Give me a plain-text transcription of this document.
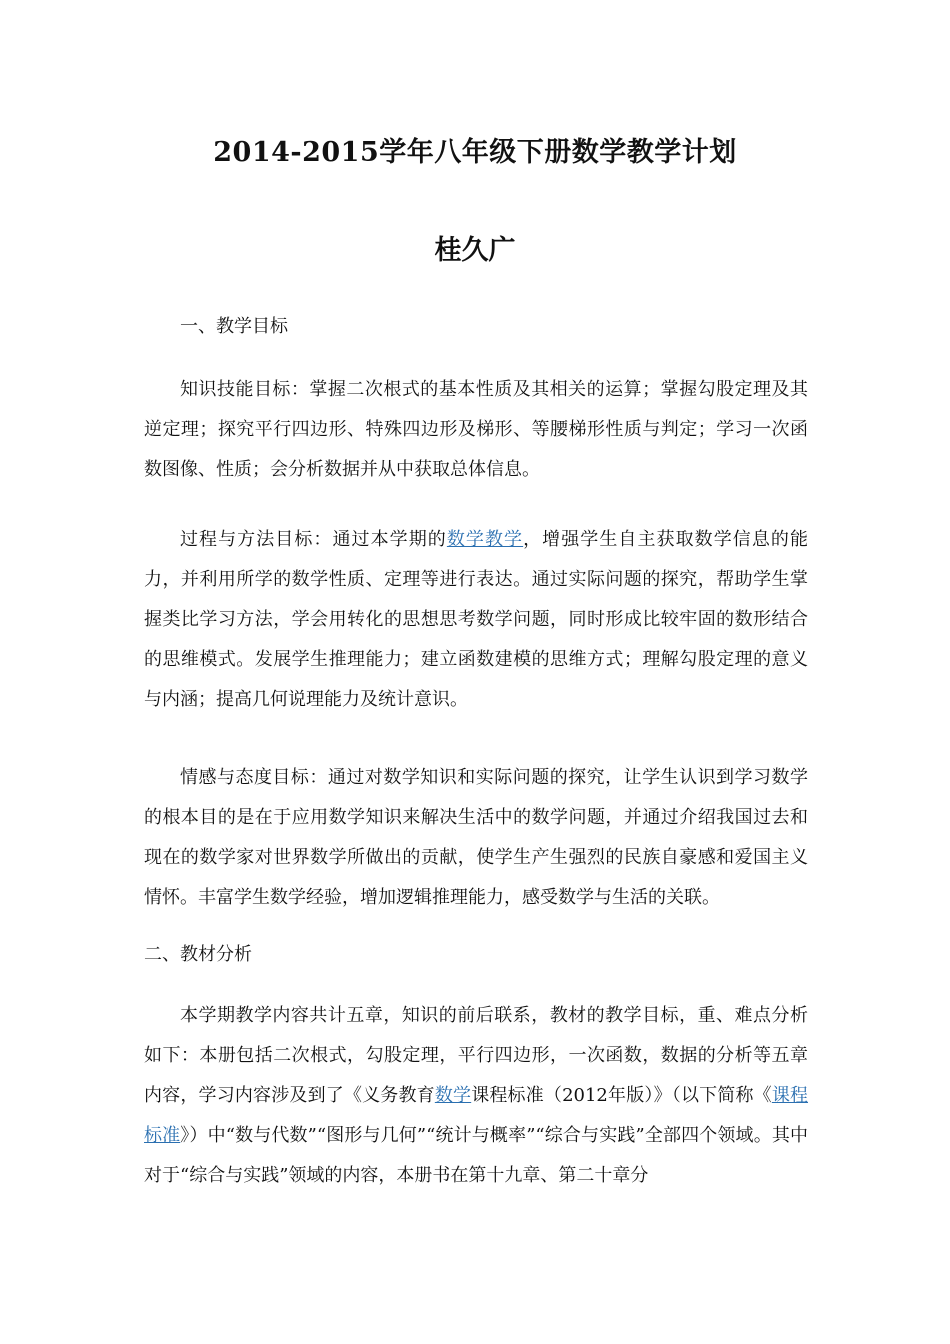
2014-2015学年八年级下册数学教学计划
桂久广
一、教学目标
知识技能目标：掌握二次根式的基本性质及其相关的运算；掌握勾股定理及其逆定理；探究平行四边形、特殊四边形及梯形、等腰梯形性质与判定；学习一次函数图像、性质；会分析数据并从中获取总体信息。
过程与方法目标：通过本学期的数学教学，增强学生自主获取数学信息的能力，并利用所学的数学性质、定理等进行表达。通过实际问题的探究，帮助学生掌握类比学习方法，学会用转化的思想思考数学问题，同时形成比较牢固的数形结合的思维模式。发展学生推理能力；建立函数建模的思维方式；理解勾股定理的意义与内涵；提高几何说理能力及统计意识。
情感与态度目标：通过对数学知识和实际问题的探究，让学生认识到学习数学的根本目的是在于应用数学知识来解决生活中的数学问题，并通过介绍我国过去和现在的数学家对世界数学所做出的贡献，使学生产生强烈的民族自豪感和爱国主义情怀。丰富学生数学经验，增加逻辑推理能力，感受数学与生活的关联。
二、教材分析
本学期教学内容共计五章，知识的前后联系，教材的教学目标，重、难点分析如下：本册包括二次根式，勾股定理，平行四边形，一次函数，数据的分析等五章内容，学习内容涉及到了《义务教育数学课程标准（2012年版）》（以下简称《课程标准》）中“数与代数”“图形与几何”“统计与概率”“综合与实践”全部四个领域。其中对于“综合与实践”领域的内容，本册书在第十九章、第二十章分
